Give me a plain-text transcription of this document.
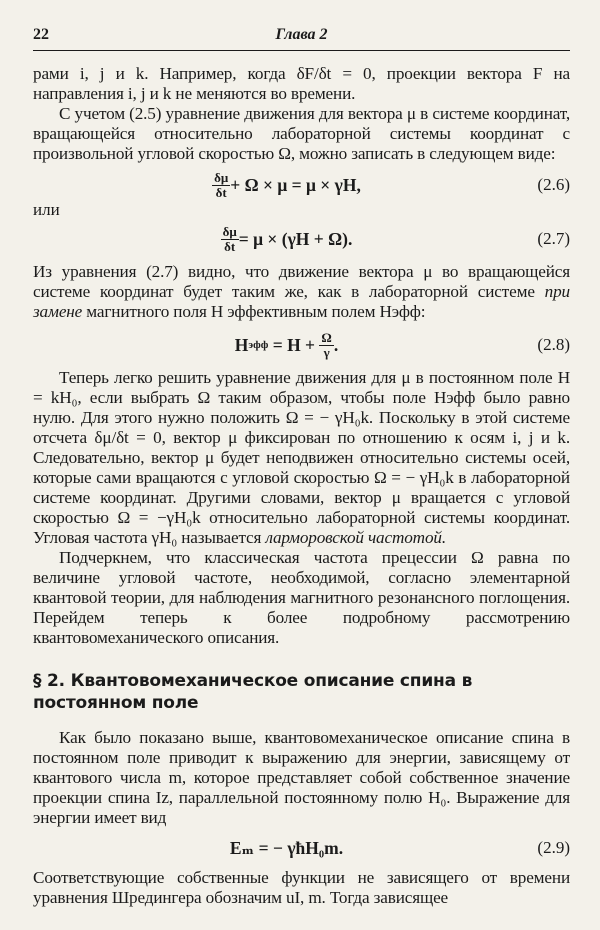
22	Глава 2

рами i, j и k. Например, когда δF/δt = 0, проекции вектора F на направления i, j и k не меняются во времени.

С учетом (2.5) уравнение движения для вектора μ в системе координат, вращающейся относительно лабораторной системы координат с произвольной угловой скоростью Ω, можно записать в следующем виде:

$\frac{\delta\mu}{\delta t} + \Omega \times \mu = \mu \times \gamma H$,	(2.6)
или
$\frac{\delta\mu}{\delta t} = \mu \times (\gamma H + \Omega)$.	(2.7)

Из уравнения (2.7) видно, что движение вектора μ во вращающейся системе координат будет таким же, как в лабораторной системе при замене магнитного поля H эффективным полем Hэфф:

H эфф = $H + \frac{\Omega}{\gamma}$ .	(2.8)

Теперь легко решить уравнение движения для μ в постоянном поле H = kH₀, если выбрать Ω таким образом, чтобы поле Hэфф было равно нулю. Для этого нужно положить Ω = − γH₀k. Поскольку в этой системе отсчета δμ/δt = 0, вектор μ фиксирован по отношению к осям i, j и k. Следовательно, вектор μ будет неподвижен относительно системы осей, которые сами вращаются с угловой скоростью Ω = − γH₀k в лабораторной системе координат. Другими словами, вектор μ вращается с угловой скоростью Ω = −γH₀k относительно лабораторной системы координат. Угловая частота γH₀ называется ларморовской частотой.

Подчеркнем, что классическая частота прецессии Ω равна по величине угловой частоте, необходимой, согласно элементарной квантовой теории, для наблюдения магнитного резонансного поглощения. Перейдем теперь к более подробному рассмотрению квантовомеханического описания.

§ 2. Квантовомеханическое описание спина в постоянном поле

Как было показано выше, квантовомеханическое описание спина в постоянном поле приводит к выражению для энергии, зависящему от квантового числа m, которое представляет собой собственное значение проекции спина Iz, параллельной постоянному полю H₀. Выражение для энергии имеет вид

Eₘ = − γħH₀m.	(2.9)

Соответствующие собственные функции не зависящего от времени уравнения Шредингера обозначим uI, m. Тогда зависящее
